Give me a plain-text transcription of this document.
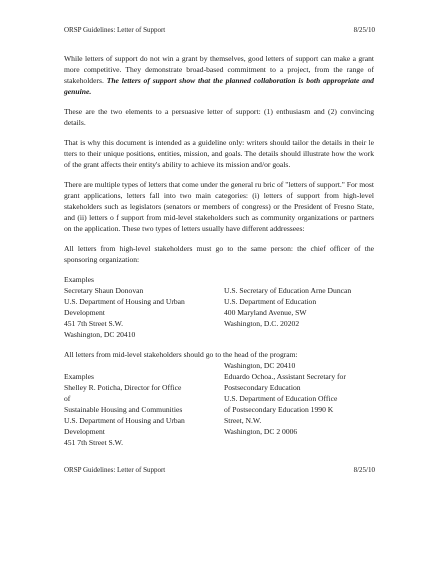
ORSP Guidelines: Letter of Support	8/25/10

While letters of support do not win a grant by themselves, good letters of support can make a grant more competitive. They demonstrate broad-based commitment to a project, from the range of stakeholders. The letters of support show that the planned collaboration is both appropriate and genuine.

These are the two elements to a persuasive letter of support: (1) enthusiasm and (2) convincing details.

That is why this document is intended as a guideline only: writers should tailor the details in their le tters to their unique positions, entities, mission, and goals. The details should illustrate how the work of the grant affects their entity's ability to achieve its mission and/or goals.

There are multiple types of letters that come under the general ru bric of "letters of support." For most grant applications, letters fall into two main categories: (i) letters of support from high-level stakeholders such as legislators (senators or members of congress) or the President of Fresno State, and (ii) letters o f support from mid-level stakeholders such as community organizations or partners on the application. These two types of letters usually have different addressees:

All letters from high-level stakeholders must go to the same person: the chief officer of the sponsoring organization:

Examples
Secretary Shaun Donovan
U.S. Department of Housing and Urban
Development
451 7th Street S.W.
Washington, DC 20410

U.S. Secretary of Education Arne Duncan
U.S. Department of Education
400 Maryland Avenue, SW
Washington, D.C. 20202

All letters from mid-level stakeholders should go to the head of the program:

Examples
Shelley R. Poticha, Director for Office
of
Sustainable Housing and Communities
U.S. Department of Housing and Urban
Development
451 7th Street S.W.
Washington, DC 20410
Eduardo Ochoa., Assistant Secretary for
Postsecondary Education
U.S. Department of Education Office
of Postsecondary Education 1990 K
Street, N.W.
Washington, DC 2 0006
ORSP Guidelines: Letter of Support	8/25/10
